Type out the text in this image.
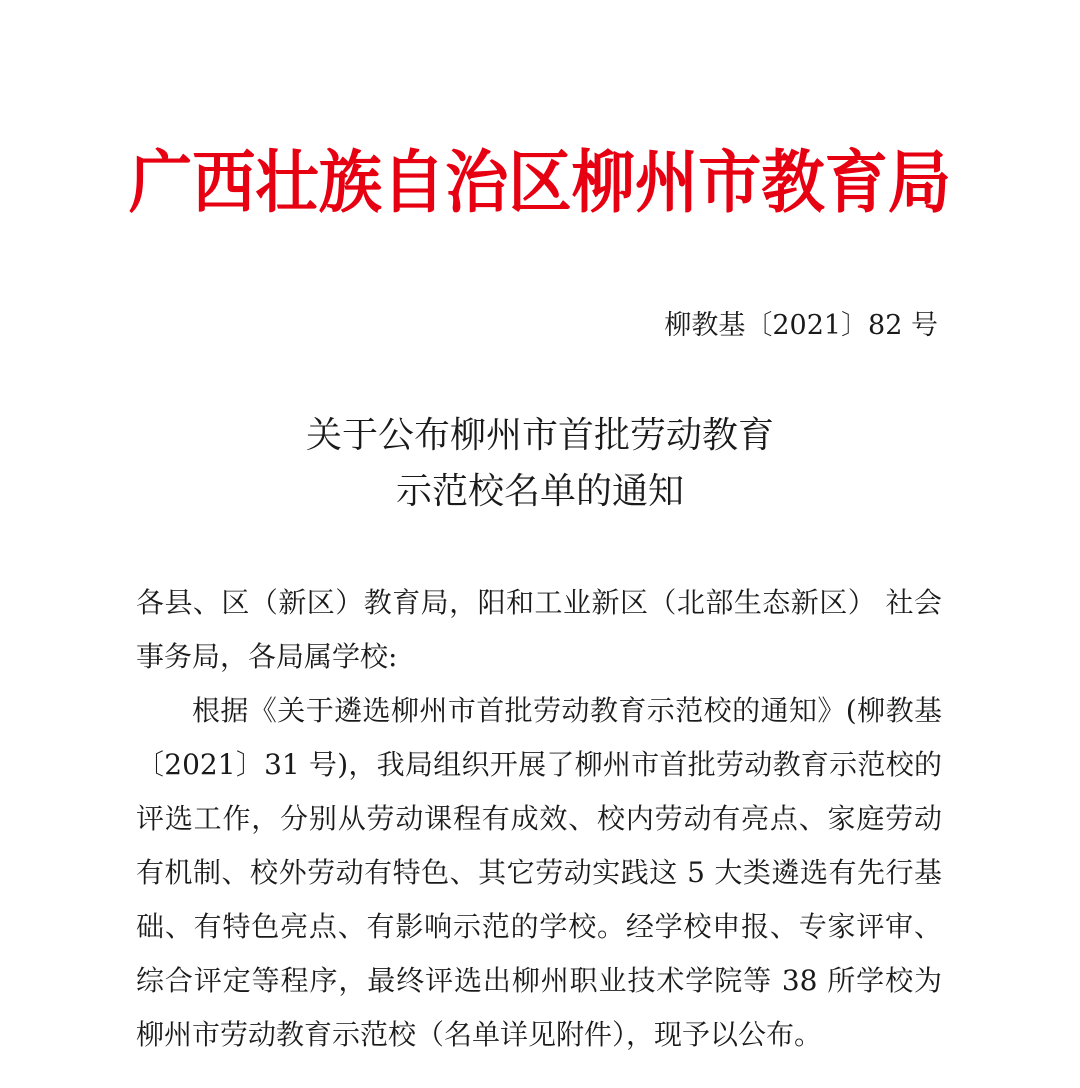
广西壮族自治区柳州市教育局
柳教基〔2021〕82 号
关于公布柳州市首批劳动教育
示范校名单的通知

各县、区（新区）教育局，阳和工业新区（北部生态新区） 社会事务局，各局属学校:

根据《关于遴选柳州市首批劳动教育示范校的通知》(柳教基〔2021〕31 号)，我局组织开展了柳州市首批劳动教育示范校的评选工作，分别从劳动课程有成效、校内劳动有亮点、家庭劳动有机制、校外劳动有特色、其它劳动实践这 5 大类遴选有先行基础、有特色亮点、有影响示范的学校。经学校申报、专家评审、综合评定等程序，最终评选出柳州职业技术学院等 38 所学校为柳州市劳动教育示范校（名单详见附件），现予以公布。
